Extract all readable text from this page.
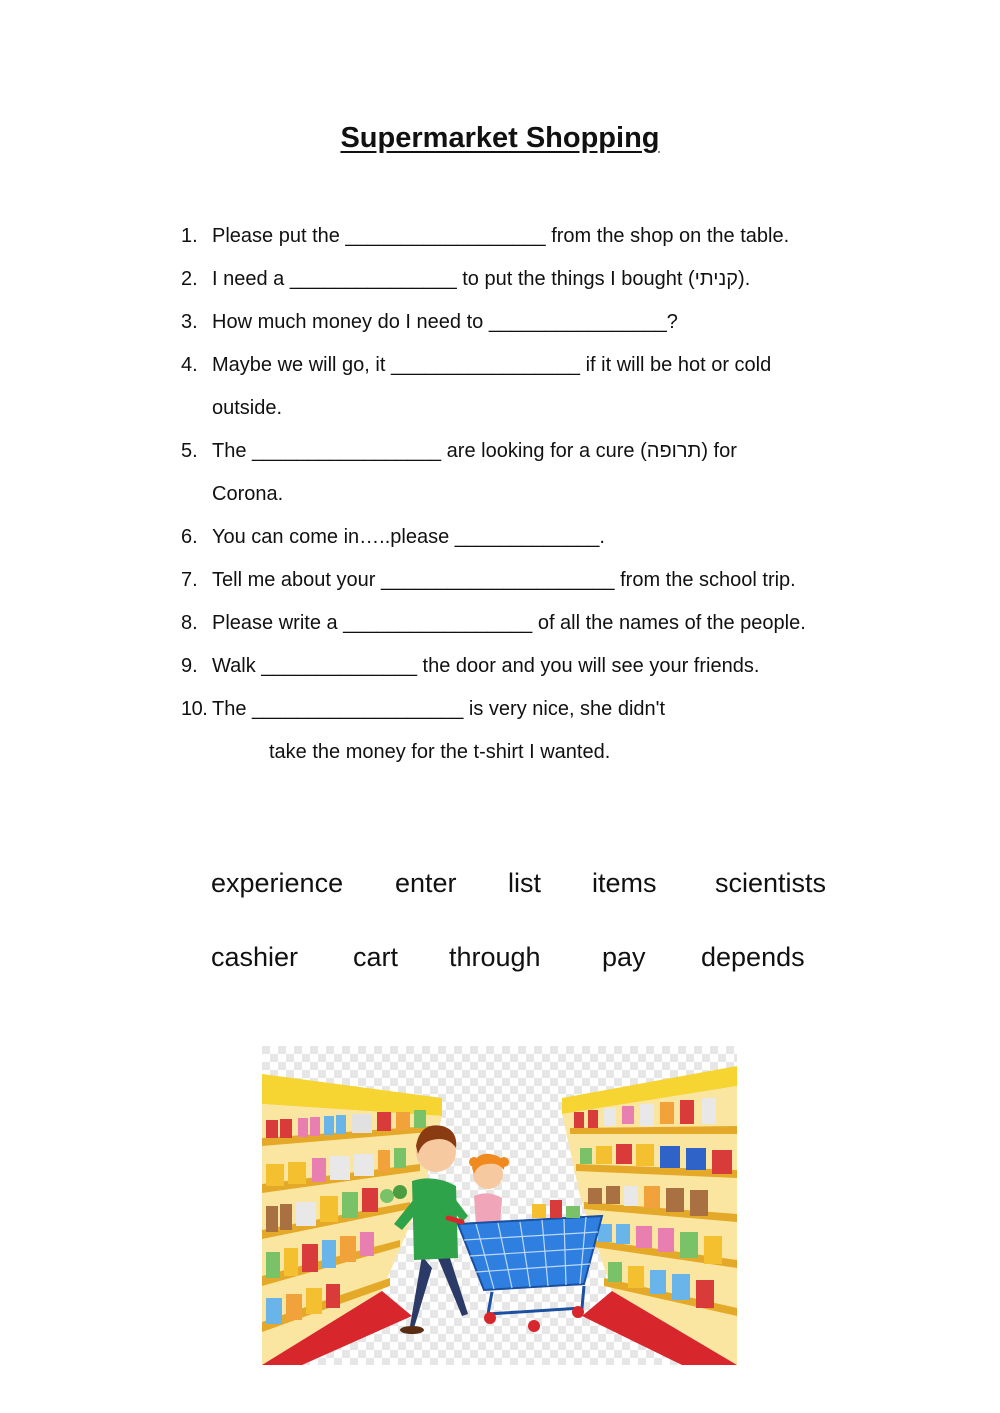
Supermarket Shopping
1. Please put the __________________ from the shop on the table.
2. I need a _______________ to put the things I bought (קניתי).
3. How much money do I need to ________________?
4. Maybe we will go, it _________________ if it will be hot or cold
outside.
5. The _________________ are looking for a cure (תרופה) for
Corona.
6. You can come in…..please _____________.
7. Tell me about your _____________________ from the school trip.
8. Please write a _________________ of all the names of the people.
9. Walk ______________ the door and you will see your friends.
10. The ___________________ is very nice, she didn't
take the money for the t-shirt I wanted.
experience enter list items scientists
cashier cart through pay depends
